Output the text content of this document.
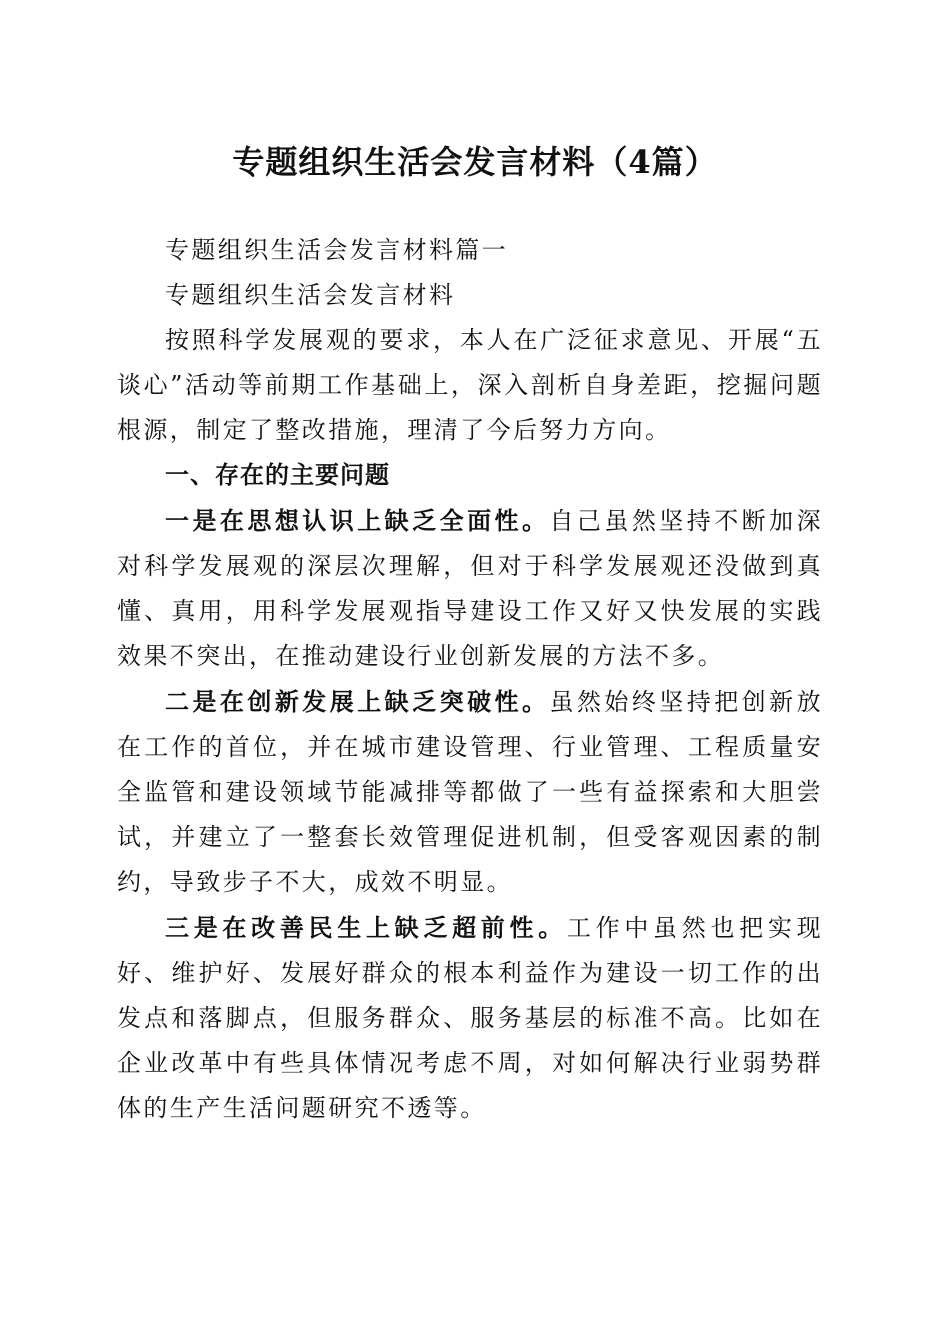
专题组织生活会发言材料（4篇）

专题组织生活会发言材料篇一

专题组织生活会发言材料

按照科学发展观的要求，本人在广泛征求意见、开展“五谈心”活动等前期工作基础上，深入剖析自身差距，挖掘问题根源，制定了整改措施，理清了今后努力方向。

一、存在的主要问题

一是在思想认识上缺乏全面性。自己虽然坚持不断加深对科学发展观的深层次理解，但对于科学发展观还没做到真懂、真用，用科学发展观指导建设工作又好又快发展的实践效果不突出，在推动建设行业创新发展的方法不多。

二是在创新发展上缺乏突破性。虽然始终坚持把创新放在工作的首位，并在城市建设管理、行业管理、工程质量安全监管和建设领域节能减排等都做了一些有益探索和大胆尝试，并建立了一整套长效管理促进机制，但受客观因素的制约，导致步子不大，成效不明显。

三是在改善民生上缺乏超前性。工作中虽然也把实现好、维护好、发展好群众的根本利益作为建设一切工作的出发点和落脚点，但服务群众、服务基层的标准不高。比如在企业改革中有些具体情况考虑不周，对如何解决行业弱势群体的生产生活问题研究不透等。
